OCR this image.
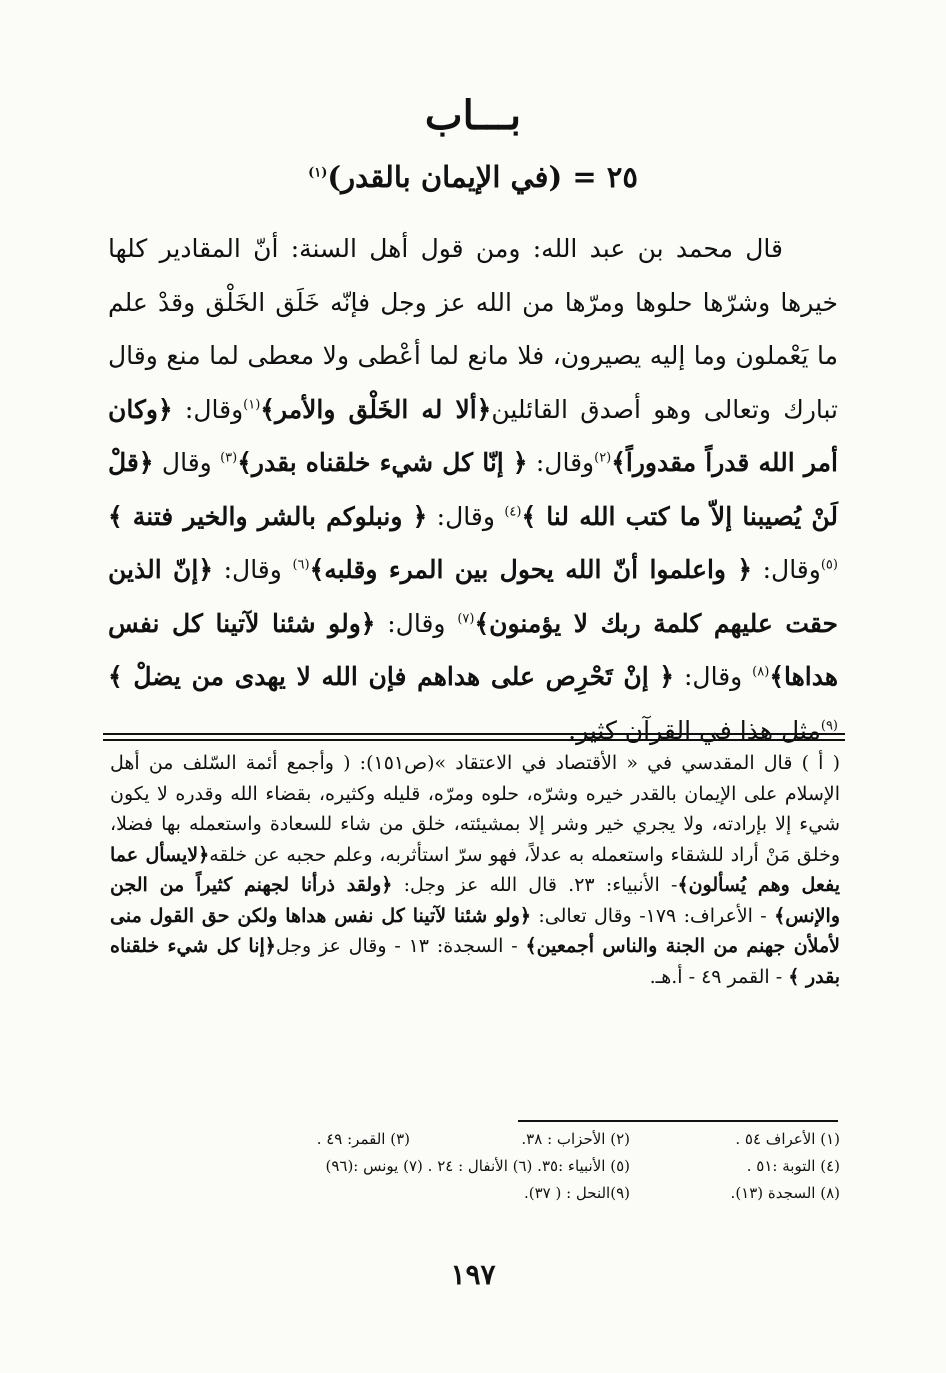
بـــاب
٢٥ = (في الإيمان بالقدر)$^{(١)}$

قال محمد بن عبد الله: ومن قول أهل السنة: أنّ المقادير كلها خيرها وشرّها حلوها ومرّها من الله عز وجل فإنّه خَلَق الخَلْق وقدْ علم ما يَعْملون وما إليه يصيرون، فلا مانع لما أعْطى ولا معطى لما منع وقال تبارك وتعالى وهو أصدق القائلين﴿ألا له الخَلْق والأمر﴾$^{(١)}$وقال: ﴿وكان أمر الله قدراً مقدوراً﴾$^{(٢)}$وقال: ﴿ إنّا كل شيء خلقناه بقدر﴾$^{(٣)}$ وقال ﴿قلْ لَنْ يُصيبنا إلاّ ما كتب الله لنا ﴾$^{(٤)}$ وقال: ﴿ ونبلوكم بالشر والخير فتنة ﴾$^{(٥)}$وقال: ﴿ واعلموا أنّ الله يحول بين المرء وقلبه﴾$^{(٦)}$ وقال: ﴿إنّ الذين حقت عليهم كلمة ربك لا يؤمنون﴾$^{(٧)}$ وقال: ﴿ولو شئنا لآتينا كل نفس هداها﴾$^{(٨)}$ وقال: ﴿ إنْ تَحْرِص على هداهم فإن الله لا يهدى من يضلْ ﴾$^{(٩)}$مثل هذا في القرآن كثير.

( أ ) قال المقدسي في « الأقتصاد في الاعتقاد »(ص١٥١): ( وأجمع أئمة السّلف من أهل الإسلام على الإيمان بالقدر خيره وشرّه، حلوه ومرّه، قليله وكثيره، بقضاء الله وقدره لا يكون شيء إلا بإرادته، ولا يجري خير وشر إلا بمشيئته، خلق من شاء للسعادة واستعمله بها فضلا، وخلق مَنْ أراد للشقاء واستعمله به عدلاً، فهو سرّ استأثربه، وعلم حجبه عن خلقه﴿لايسأل عما يفعل وهم يُسألون﴾- الأنبياء: ٢٣. قال الله عز وجل: ﴿ولقد ذرأنا لجهنم كثيراً من الجن والإنس﴾ - الأعراف: ١٧٩- وقال تعالى: ﴿ولو شئنا لآتينا كل نفس هداها ولكن حق القول منى لأملأن جهنم من الجنة والناس أجمعين﴾ - السجدة: ١٣ - وقال عز وجل﴿إنا كل شيء خلقناه بقدر ﴾ - القمر ٤٩ - أ.هـ.

(١) الأعراف ٥٤ .
(٢) الأحزاب : ٣٨.
(٣) القمر: ٤٩ .
(٤) التوبة :٥١ .
(٥) الأنبياء :٣٥. (٦) الأنفال : ٢٤ . (٧) يونس :(٩٦)
(٨) السجدة (١٣).
(٩)النحل : ( ٣٧).
١٩٧
